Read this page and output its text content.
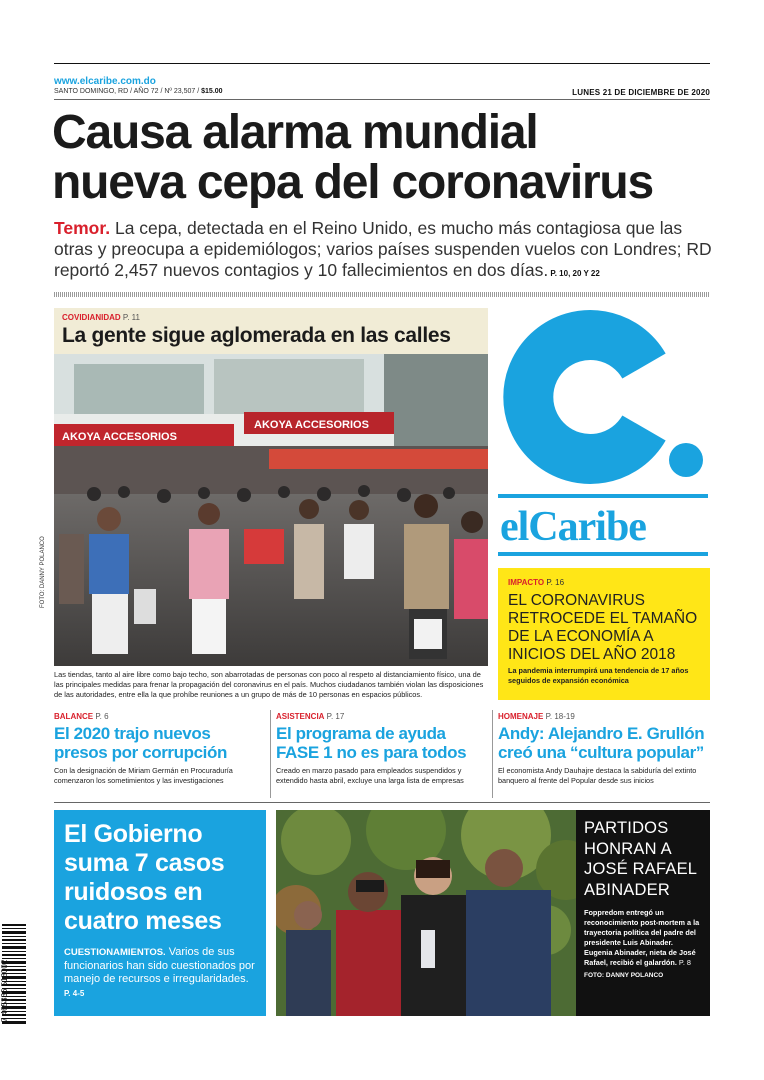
www.elcaribe.com.do
SANTO DOMINGO, RD / AÑO 72 / Nº 23,507 / $15.00	LUNES 21 DE DICIEMBRE DE 2020
Causa alarma mundial
nueva cepa del coronavirus
Temor. La cepa, detectada en el Reino Unido, es mucho más contagiosa que las otras y preocupa a epidemiólogos; varios países suspenden vuelos con Londres; RD reportó 2,457 nuevos contagios y 10 fallecimientos en dos días. P. 10, 20 Y 22
COVIDIANIDAD P. 11
La gente sigue aglomerada en las calles
AKOYA ACCESORIOS
AKOYA ACCESORIOS
FOTO: DANNY POLANCO
Las tiendas, tanto al aire libre como bajo techo, son abarrotadas de personas con poco al respeto al distanciamiento físico, una de las principales medidas para frenar la propagación del coronavirus en el país. Muchos ciudadanos también violan las disposiciones de las autoridades, entre ella la que prohíbe reuniones a un grupo de más de 10 personas en espacios públicos.
elCaribe
IMPACTO P. 16
EL CORONAVIRUS RETROCEDE EL TAMAÑO DE LA ECONOMÍA A INICIOS DEL AÑO 2018
La pandemia interrumpirá una tendencia de 17 años seguidos de expansión económica
BALANCE P. 6
El 2020 trajo nuevos presos por corrupción
Con la designación de Miriam Germán en Procuraduría comenzaron los sometimientos y las investigaciones
ASISTENCIA P. 17
El programa de ayuda FASE 1 no es para todos
Creado en marzo pasado para empleados suspendidos y extendido hasta abril, excluye una larga lista de empresas
HOMENAJE P. 18-19
Andy: Alejandro E. Grullón creó una “cultura popular”
El economista Andy Dauhajre destaca la sabiduría del extinto banquero al frente del Popular desde sus inicios
El Gobierno suma 7 casos ruidosos en cuatro meses
CUESTIONAMIENTOS. Varios de sus funcionarios han sido cuestionados por manejo de recursos e irregularidades. P. 4-5
PARTIDOS HONRAN A JOSÉ RAFAEL ABINADER
Foppredom entregó un reconocimiento post-mortem a la trayectoria política del padre del presidente Luis Abinader. Eugenia Abinader, nieta de José Rafael, recibió el galardón. P. 8
FOTO: DANNY POLANCO
7 465336 518002
